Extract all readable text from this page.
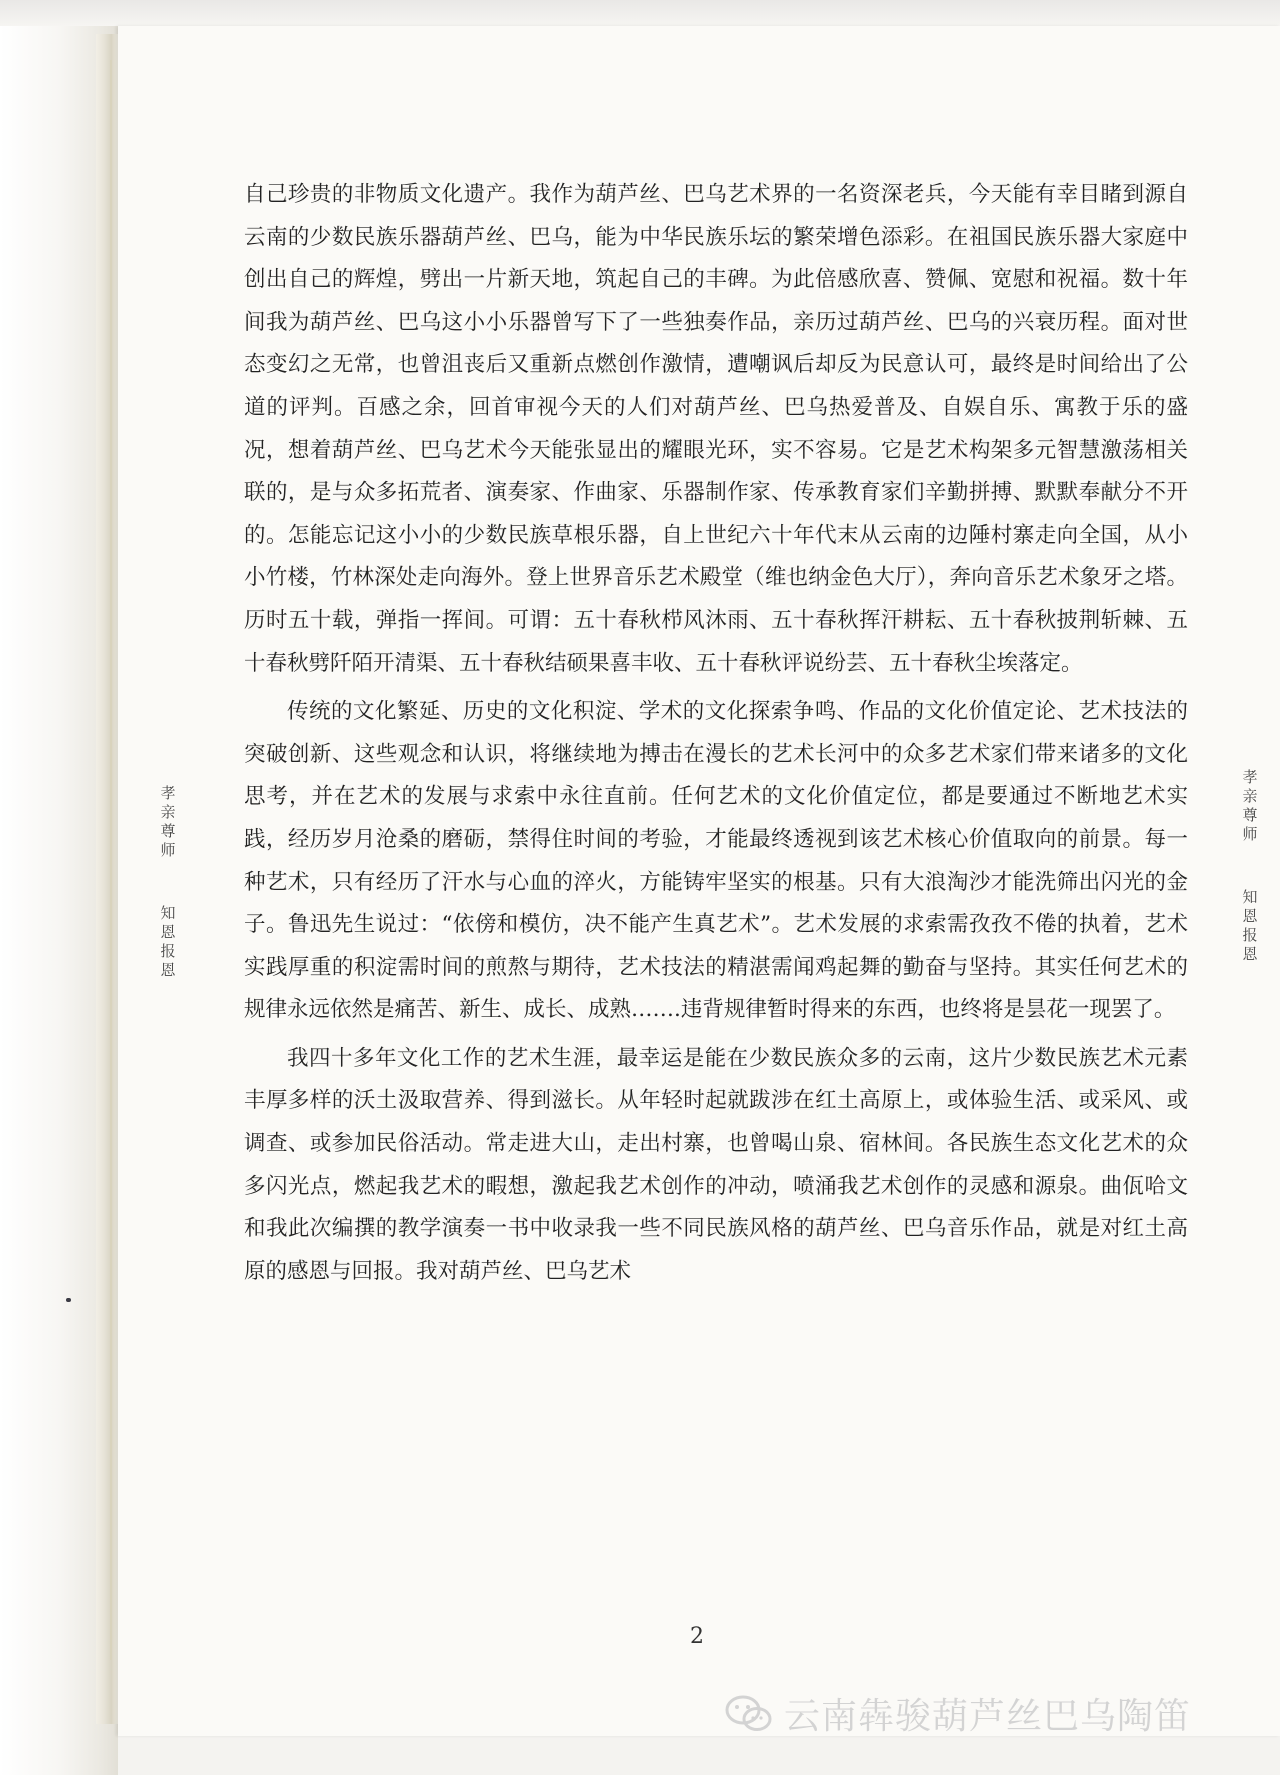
自己珍贵的非物质文化遗产。我作为葫芦丝、巴乌艺术界的一名资深老兵，今天能有幸目睹到源自云南的少数民族乐器葫芦丝、巴乌，能为中华民族乐坛的繁荣增色添彩。在祖国民族乐器大家庭中创出自己的辉煌，劈出一片新天地，筑起自己的丰碑。为此倍感欣喜、赞佩、宽慰和祝福。数十年间我为葫芦丝、巴乌这小小乐器曾写下了一些独奏作品，亲历过葫芦丝、巴乌的兴衰历程。面对世态变幻之无常，也曾沮丧后又重新点燃创作激情，遭嘲讽后却反为民意认可，最终是时间给出了公道的评判。百感之余，回首审视今天的人们对葫芦丝、巴乌热爱普及、自娱自乐、寓教于乐的盛况，想着葫芦丝、巴乌艺术今天能张显出的耀眼光环，实不容易。它是艺术构架多元智慧激荡相关联的，是与众多拓荒者、演奏家、作曲家、乐器制作家、传承教育家们辛勤拼搏、默默奉献分不开的。怎能忘记这小小的少数民族草根乐器，自上世纪六十年代末从云南的边陲村寨走向全国，从小小竹楼，竹林深处走向海外。登上世界音乐艺术殿堂（维也纳金色大厅），奔向音乐艺术象牙之塔。历时五十载，弹指一挥间。可谓：五十春秋栉风沐雨、五十春秋挥汗耕耘、五十春秋披荆斩棘、五十春秋劈阡陌开清渠、五十春秋结硕果喜丰收、五十春秋评说纷芸、五十春秋尘埃落定。

传统的文化繁延、历史的文化积淀、学术的文化探索争鸣、作品的文化价值定论、艺术技法的突破创新、这些观念和认识，将继续地为搏击在漫长的艺术长河中的众多艺术家们带来诸多的文化思考，并在艺术的发展与求索中永往直前。任何艺术的文化价值定位，都是要通过不断地艺术实践，经历岁月沧桑的磨砺，禁得住时间的考验，才能最终透视到该艺术核心价值取向的前景。每一种艺术，只有经历了汗水与心血的淬火，方能铸牢坚实的根基。只有大浪淘沙才能洗筛出闪光的金子。鲁迅先生说过：“依傍和模仿，决不能产生真艺术”。艺术发展的求索需孜孜不倦的执着，艺术实践厚重的积淀需时间的煎熬与期待，艺术技法的精湛需闻鸡起舞的勤奋与坚持。其实任何艺术的规律永远依然是痛苦、新生、成长、成熟…….违背规律暂时得来的东西，也终将是昙花一现罢了。

我四十多年文化工作的艺术生涯，最幸运是能在少数民族众多的云南，这片少数民族艺术元素丰厚多样的沃土汲取营养、得到滋长。从年轻时起就跋涉在红土高原上，或体验生活、或采风、或调查、或参加民俗活动。常走进大山，走出村寨，也曾喝山泉、宿林间。各民族生态文化艺术的众多闪光点，燃起我艺术的暇想，激起我艺术创作的冲动，喷涌我艺术创作的灵感和源泉。曲佤哈文和我此次编撰的教学演奏一书中收录我一些不同民族风格的葫芦丝、巴乌音乐作品，就是对红土高原的感恩与回报。我对葫芦丝、巴乌艺术

孝亲尊师
知恩报恩
孝亲尊师
知恩报恩
2
云南犇骏葫芦丝巴乌陶笛
